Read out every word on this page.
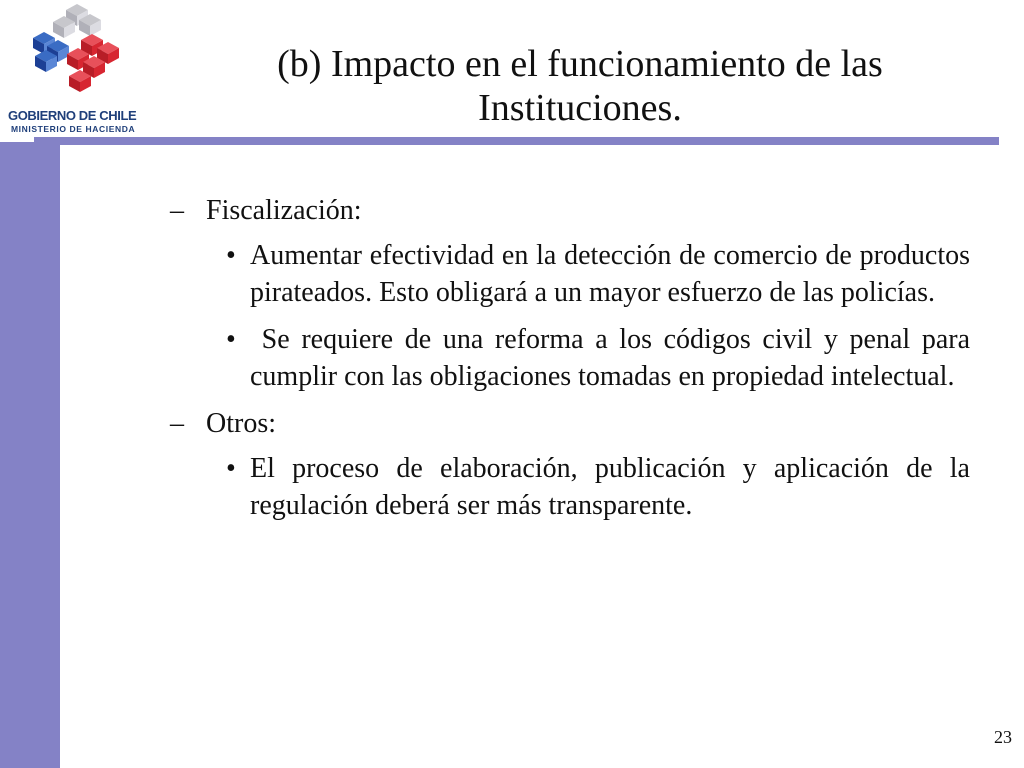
GOBIERNO DE CHILE
MINISTERIO DE HACIENDA
(b) Impacto en el funcionamiento de las Instituciones.
– Fiscalización:
• Aumentar efectividad en la detección de comercio de productos pirateados. Esto obligará a un mayor esfuerzo de las policías.
• Se requiere de una reforma a los códigos civil y penal para cumplir con las obligaciones tomadas en propiedad intelectual.
– Otros:
• El proceso de elaboración, publicación y aplicación de la regulación deberá ser más transparente.
23
